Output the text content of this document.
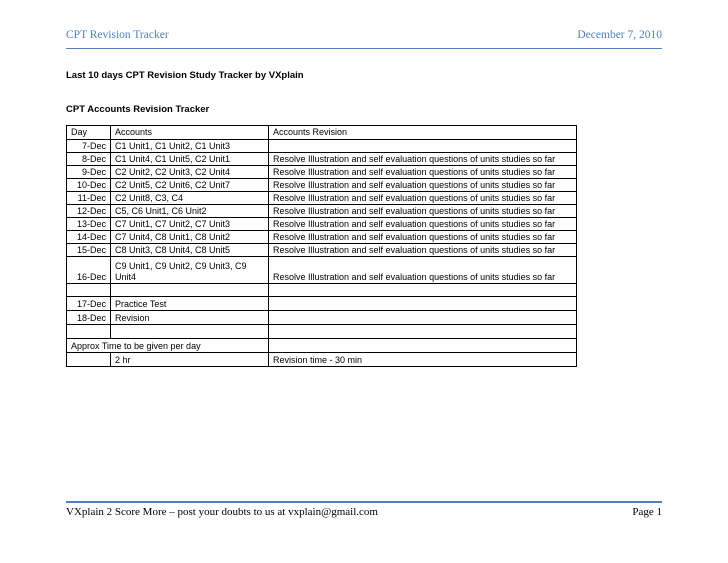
CPT Revision Tracker	December 7, 2010
Last 10 days CPT Revision Study Tracker by VXplain
CPT Accounts Revision Tracker
Day	Accounts	Accounts Revision
7-Dec	C1 Unit1, C1 Unit2, C1 Unit3	
8-Dec	C1 Unit4, C1 Unit5, C2 Unit1	Resolve Illustration and self evaluation questions of units studies so far
9-Dec	C2 Unit2, C2 Unit3, C2 Unit4	Resolve Illustration and self evaluation questions of units studies so far
10-Dec	C2 Unit5, C2 Unit6, C2 Unit7	Resolve Illustration and self evaluation questions of units studies so far
11-Dec	C2 Unit8, C3, C4	Resolve Illustration and self evaluation questions of units studies so far
12-Dec	C5, C6 Unit1, C6 Unit2	Resolve Illustration and self evaluation questions of units studies so far
13-Dec	C7 Unit1, C7 Unit2, C7 Unit3	Resolve Illustration and self evaluation questions of units studies so far
14-Dec	C7 Unit4, C8 Unit1, C8 Unit2	Resolve Illustration and self evaluation questions of units studies so far
15-Dec	C8 Unit3, C8 Unit4, C8 Unit5	Resolve Illustration and self evaluation questions of units studies so far
16-Dec	C9 Unit1, C9 Unit2, C9 Unit3, C9 Unit4	Resolve Illustration and self evaluation questions of units studies so far

17-Dec	Practice Test	
18-Dec	Revision	

Approx Time to be given per day		
	2 hr	Revision time - 30 min
VXplain 2 Score More – post your doubts to us at vxplain@gmail.com	Page 1
